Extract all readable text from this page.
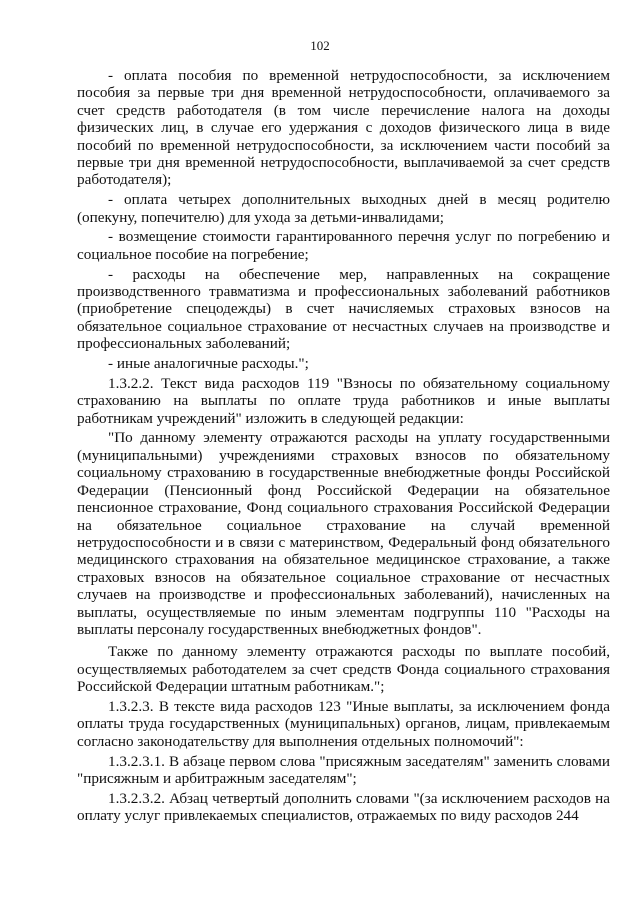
102

- оплата пособия по временной нетрудоспособности, за исключением пособия за первые три дня временной нетрудоспособности, оплачиваемого за счет средств работодателя (в том числе перечисление налога на доходы физических лиц, в случае его удержания с доходов физического лица в виде пособий по временной нетрудоспособности, за исключением части пособий за первые три дня временной нетрудоспособности, выплачиваемой за счет средств работодателя);

- оплата четырех дополнительных выходных дней в месяц родителю (опекуну, попечителю) для ухода за детьми-инвалидами;

- возмещение стоимости гарантированного перечня услуг по погребению и социальное пособие на погребение;

- расходы на обеспечение мер, направленных на сокращение производственного травматизма и профессиональных заболеваний работников (приобретение спецодежды) в счет начисляемых страховых взносов на обязательное социальное страхование от несчастных случаев на производстве и профессиональных заболеваний;

- иные аналогичные расходы.";

1.3.2.2. Текст вида расходов 119 "Взносы по обязательному социальному страхованию на выплаты по оплате труда работников и иные выплаты работникам учреждений" изложить в следующей редакции:

"По данному элементу отражаются расходы на уплату государственными (муниципальными) учреждениями страховых взносов по обязательному социальному страхованию в государственные внебюджетные фонды Российской Федерации (Пенсионный фонд Российской Федерации на обязательное пенсионное страхование, Фонд социального страхования Российской Федерации на обязательное социальное страхование на случай временной нетрудоспособности и в связи с материнством, Федеральный фонд обязательного медицинского страхования на обязательное медицинское страхование, а также страховых взносов на обязательное социальное страхование от несчастных случаев на производстве и профессиональных заболеваний), начисленных на выплаты, осуществляемые по иным элементам подгруппы 110 "Расходы на выплаты персоналу государственных внебюджетных фондов".

Также по данному элементу отражаются расходы по выплате пособий, осуществляемых работодателем за счет средств Фонда социального страхования Российской Федерации штатным работникам.";

1.3.2.3. В тексте вида расходов 123 "Иные выплаты, за исключением фонда оплаты труда государственных (муниципальных) органов, лицам, привлекаемым согласно законодательству для выполнения отдельных полномочий":

1.3.2.3.1. В абзаце первом слова "присяжным заседателям" заменить словами "присяжным и арбитражным заседателям";

1.3.2.3.2. Абзац четвертый дополнить словами "(за исключением расходов на оплату услуг привлекаемых специалистов, отражаемых по виду расходов 244
